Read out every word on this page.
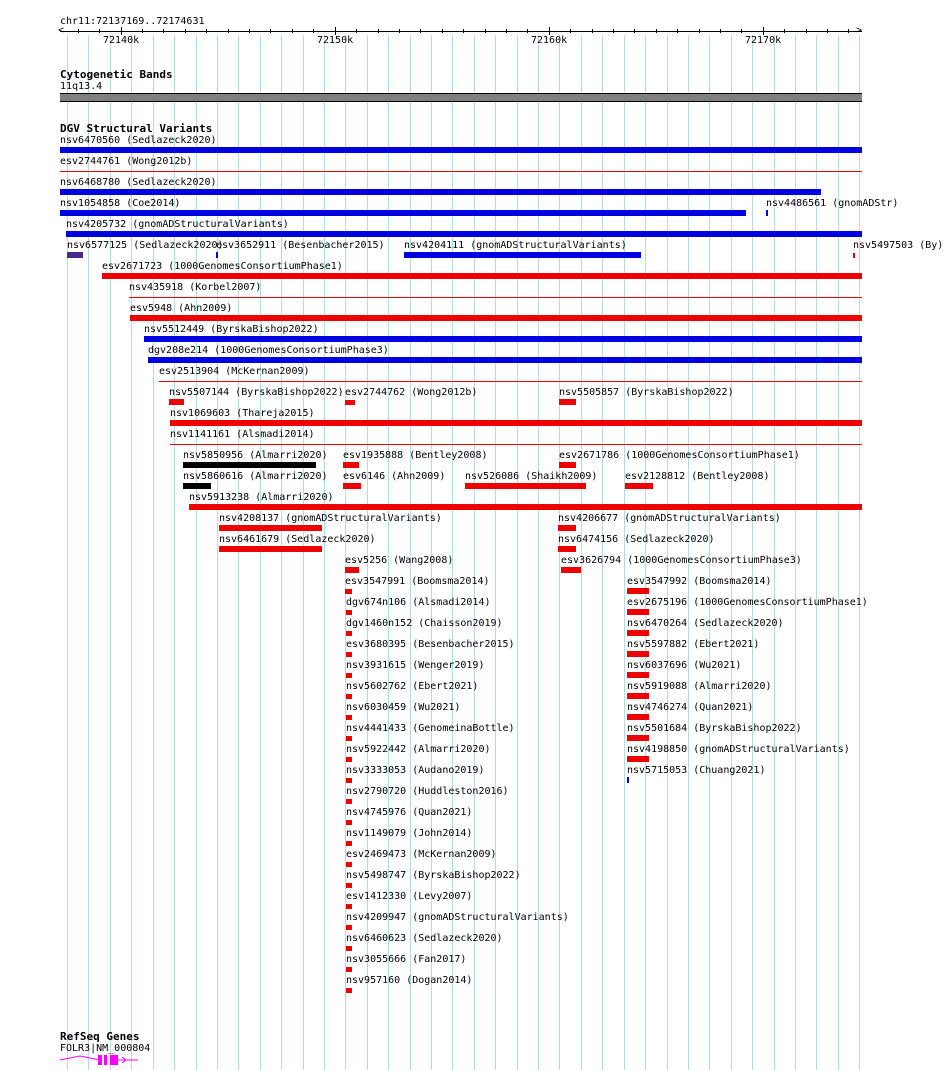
chr11:72137169..72174631
<	>
72140k	72150k	72160k	72170k
Cytogenetic Bands
11q13.4
DGV Structural Variants
nsv6470560 (Sedlazeck2020)
esv2744761 (Wong2012b)
nsv6468780 (Sedlazeck2020)
nsv1054858 (Coe2014)	nsv4486561 (gnomADStr)
nsv4205732 (gnomADStructuralVariants)
nsv6577125 (Sedlazeck2020)
esv3652911 (Besenbacher2015) nsv4204111 (gnomADStructuralVariants)	nsv5497503 (By)
esv2671723 (1000GenomesConsortiumPhase1)
nsv435918 (Korbel2007)
esv5948 (Ahn2009)
nsv5512449 (ByrskaBishop2022)
dgv208e214 (1000GenomesConsortiumPhase3)
esv2513904 (McKernan2009)
nsv5507144 (ByrskaBishop2022) esv2744762 (Wong2012b)	nsv5505857 (ByrskaBishop2022)
nsv1069603 (Thareja2015)
nsv1141161 (Alsmadi2014)
nsv5850956 (Almarri2020) esv1935888 (Bentley2008)	esv2671786 (1000GenomesConsortiumPhase1)
nsv5860616 (Almarri2020) esv6146 (Ahn2009) nsv526086 (Shaikh2009)	esv2128812 (Bentley2008)
nsv5913238 (Almarri2020)
nsv4208137 (gnomADStructuralVariants)	nsv4206677 (gnomADStructuralVariants)
nsv6461679 (Sedlazeck2020)	nsv6474156 (Sedlazeck2020)
esv5256 (Wang2008)	esv3626794 (1000GenomesConsortiumPhase3)
esv3547991 (Boomsma2014)	esv3547992 (Boomsma2014)
dgv674n106 (Alsmadi2014)	esv2675196 (1000GenomesConsortiumPhase1)
dgv1460n152 (Chaisson2019)	nsv6470264 (Sedlazeck2020)
esv3680395 (Besenbacher2015)	nsv5597882 (Ebert2021)
nsv3931615 (Wenger2019)	nsv6037696 (Wu2021)
nsv5602762 (Ebert2021)	nsv5919088 (Almarri2020)
nsv6030459 (Wu2021)	nsv4746274 (Quan2021)
nsv4441433 (GenomeinaBottle)	nsv5501684 (ByrskaBishop2022)
nsv5922442 (Almarri2020)	nsv4198850 (gnomADStructuralVariants)
nsv3333053 (Audano2019)	nsv5715053 (Chuang2021)
nsv2790720 (Huddleston2016)
nsv4745976 (Quan2021)
nsv1149079 (John2014)
esv2469473 (McKernan2009)
nsv5498747 (ByrskaBishop2022)
esv1412330 (Levy2007)
nsv4209947 (gnomADStructuralVariants)
nsv6460623 (Sedlazeck2020)
nsv3055666 (Fan2017)
nsv957160 (Dogan2014)
RefSeq Genes
FOLR3|NM_000804
